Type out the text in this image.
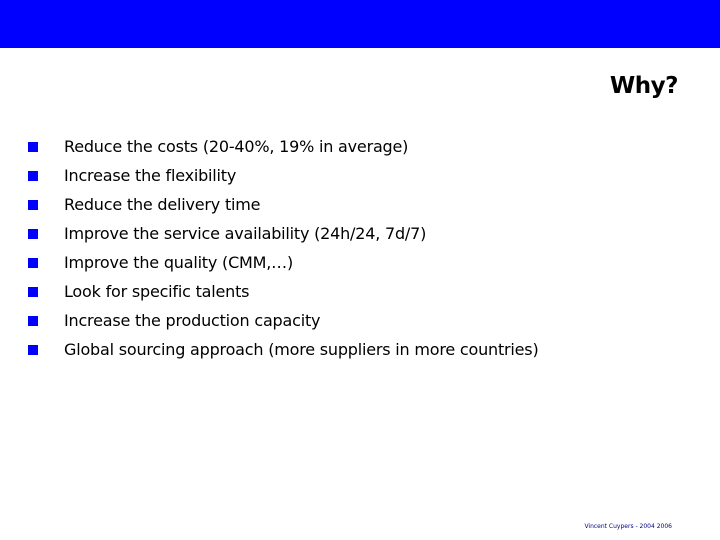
Why?
Reduce the costs (20-40%, 19% in average)
Increase the flexibility
Reduce the delivery time
Improve the service availability (24h/24, 7d/7)
Improve the quality (CMM,…)
Look for specific talents
Increase the production capacity
Global sourcing approach (more suppliers in more countries)
Vincent Cuypers - 2004 2006
